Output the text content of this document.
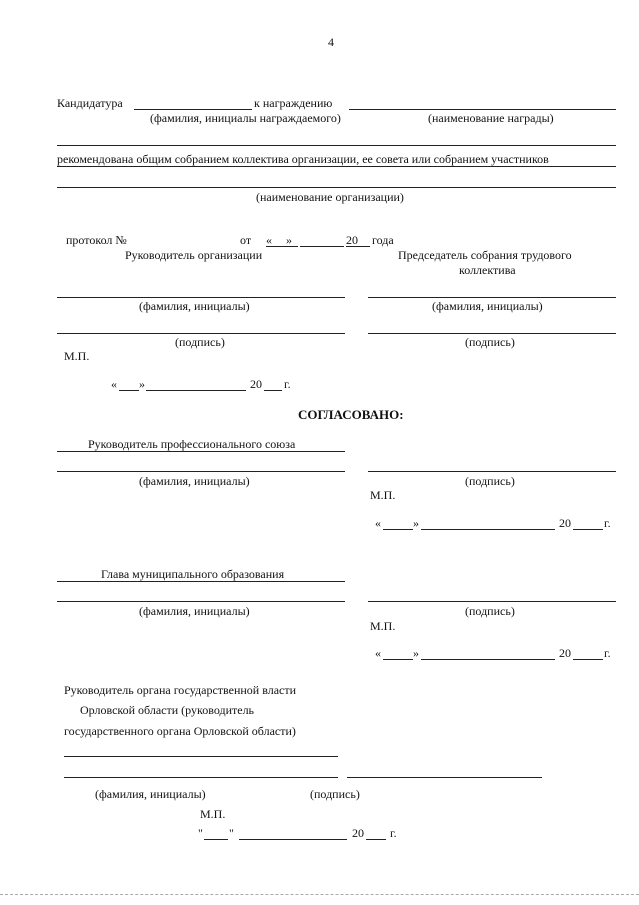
4
Кандидатура	к награждению
(фамилия, инициалы награждаемого)	(наименование награды)
рекомендована общим собранием коллектива организации, ее совета или собранием участников
(наименование организации)
протокол №	от « »	20 года
Руководитель организации	Председатель собрания трудового
коллектива
(фамилия, инициалы)	(фамилия, инициалы)
(подпись)	(подпись)
М.П.
« »	20 г.
СОГЛАСОВАНО:
Руководитель профессионального союза
(фамилия, инициалы)	(подпись)
М.П.
«	»	20	г.
Глава муниципального образования
(фамилия, инициалы)	(подпись)
М.П.
«	»	20	г.
Руководитель органа государственной власти
Орловской области (руководитель
государственного органа Орловской области)
(фамилия, инициалы)	(подпись)
М.П.
" "	20 г.
